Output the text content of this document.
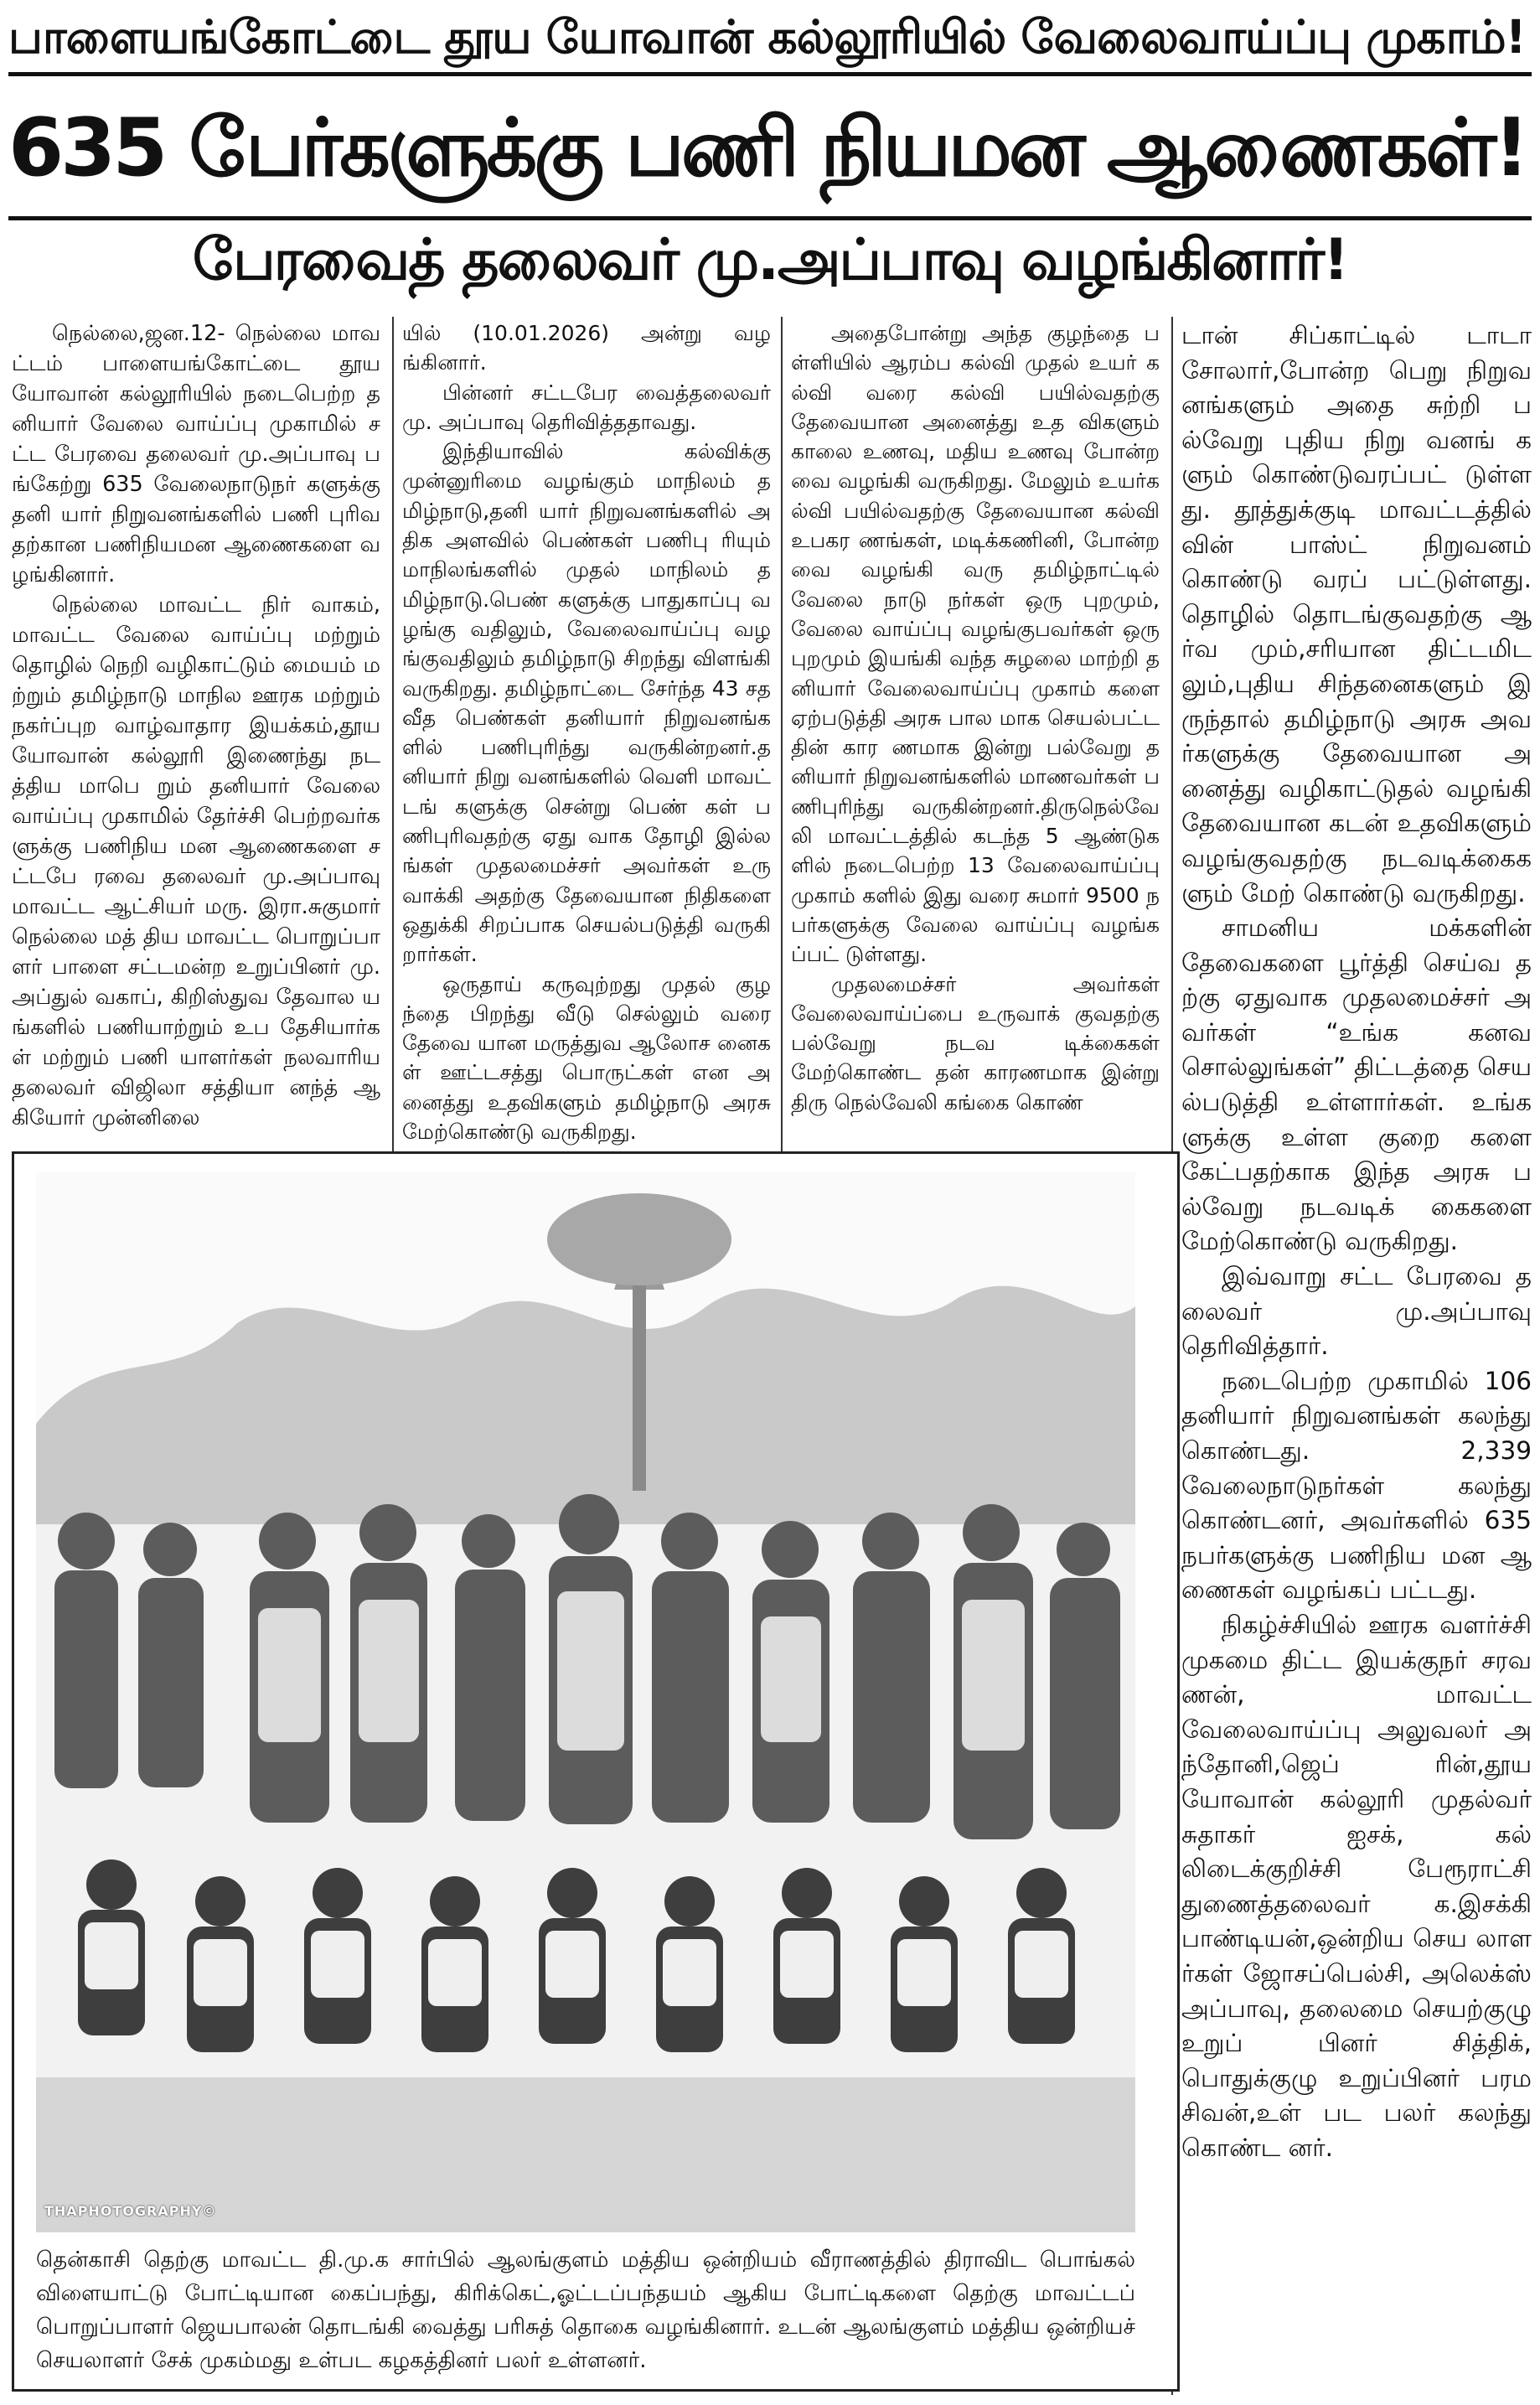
பாளையங்கோட்டை தூய யோவான் கல்லூரியில் வேலைவாய்ப்பு முகாம்!
635 பேர்களுக்கு பணி நியமன ஆணைகள்!
பேரவைத் தலைவர் மு.அப்பாவு வழங்கினார்!

நெல்லை,ஜன.12- நெல்லை மாவட்டம் பாளையங்கோட்டை தூய யோவான் கல்லூரியில் நடைபெற்ற தனியார் வேலை வாய்ப்பு முகாமில் சட்ட பேரவை தலைவர் மு.அப்பாவு பங்கேற்று 635 வேலைநாடுநர் களுக்கு தனி யார் நிறுவனங்களில் பணி புரிவதற்கான பணிநியமன ஆணைகளை வழங்கினார்.

நெல்லை மாவட்ட நிர் வாகம், மாவட்ட வேலை வாய்ப்பு மற்றும் தொழில் நெறி வழிகாட்டும் மையம் மற்றும் தமிழ்நாடு மாநில ஊரக மற்றும் நகர்ப்புற வாழ்வாதார இயக்கம்,தூய யோவான் கல்லூரி இணைந்து நடத்திய மாபெ றும் தனியார் வேலை வாய்ப்பு முகாமில் தேர்ச்சி பெற்றவர்களுக்கு பணிநிய மன ஆணைகளை சட்டபே ரவை தலைவர் மு.அப்பாவு மாவட்ட ஆட்சியர் மரு. இரா.சுகுமார் நெல்லை மத் திய மாவட்ட பொறுப்பா ளர் பாளை சட்டமன்ற உறுப்பினர் மு.அப்துல் வகாப், கிறிஸ்துவ தேவால யங்களில் பணியாற்றும் உப தேசியார்கள் மற்றும் பணி யாளர்கள் நலவாரிய தலைவர் விஜிலா சத்தியா னந்த் ஆகியோர் முன்னிலை

யில் (10.01.2026) அன்று வழங்கினார்.

பின்னர் சட்டபேர வைத்தலைவர் மு. அப்பாவு தெரிவித்ததாவது.

இந்தியாவில் கல்விக்கு முன்னுரிமை வழங்கும் மாநிலம் தமிழ்நாடு,தனி யார் நிறுவனங்களில் அதிக அளவில் பெண்கள் பணிபு ரியும் மாநிலங்களில் முதல் மாநிலம் தமிழ்நாடு.பெண் களுக்கு பாதுகாப்பு வழங்கு வதிலும், வேலைவாய்ப்பு வழங்குவதிலும் தமிழ்நாடு சிறந்து விளங்கி வருகிறது. தமிழ்நாட்டை சேர்ந்த 43 சதவீத பெண்கள் தனியார் நிறுவனங்களில் பணிபுரிந்து வருகின்றனர்.தனியார் நிறு வனங்களில் வெளி மாவட் டங் களுக்கு சென்று பெண் கள் பணிபுரிவதற்கு ஏது வாக தோழி இல்லங்கள் முதலமைச்சர் அவர்கள் உரு வாக்கி அதற்கு தேவையான நிதிகளை ஒதுக்கி சிறப்பாக செயல்படுத்தி வருகி றார்கள்.

ஒருதாய் கருவுற்றது முதல் குழந்தை பிறந்து வீடு செல்லும் வரை தேவை யான மருத்துவ ஆலோச னைகள் ஊட்டசத்து பொருட்கள் என அனைத்து உதவிகளும் தமிழ்நாடு அரசு மேற்கொண்டு வருகிறது.

அதைபோன்று அந்த குழந்தை பள்ளியில் ஆரம்ப கல்வி முதல் உயர் கல்வி வரை கல்வி பயில்வதற்கு தேவையான அனைத்து உத விகளும் காலை உணவு, மதிய உணவு போன்றவை வழங்கி வருகிறது. மேலும் உயர்கல்வி பயில்வதற்கு தேவையான கல்வி உபகர ணங்கள், மடிக்கணினி, போன்றவை வழங்கி வரு தமிழ்நாட்டில் வேலை நாடு நர்கள் ஒரு புறமும், வேலை வாய்ப்பு வழங்குபவர்கள் ஒரு புறமும் இயங்கி வந்த சுழலை மாற்றி தனியார் வேலைவாய்ப்பு முகாம் களை ஏற்படுத்தி அரசு பால மாக செயல்பட்டதின் கார ணமாக இன்று பல்வேறு தனியார் நிறுவனங்களில் மாணவர்கள் பணிபுரிந்து வருகின்றனர்.திருநெல்வே லி மாவட்டத்தில் கடந்த 5 ஆண்டுகளில் நடைபெற்ற 13 வேலைவாய்ப்பு முகாம் களில் இது வரை சுமார் 9500 நபர்களுக்கு வேலை வாய்ப்பு வழங்கப்பட் டுள்ளது.

முதலமைச்சர் அவர்கள் வேலைவாய்ப்பை உருவாக் குவதற்கு பல்வேறு நடவ டிக்கைகள் மேற்கொண்ட தன் காரணமாக இன்று திரு நெல்வேலி கங்கை கொண்

டான் சிப்காட்டில் டாடா சோலார்,போன்ற பெறு நிறுவனங்களும் அதை சுற்றி பல்வேறு புதிய நிறு வனங் களும் கொண்டுவரப்பட் டுள்ளது. தூத்துக்குடி மாவட்டத்தில் வின் பாஸ்ட் நிறுவனம் கொண்டு வரப் பட்டுள்ளது. தொழில் தொடங்குவதற்கு ஆர்வ மும்,சரியான திட்டமிட லும்,புதிய சிந்தனைகளும் இருந்தால் தமிழ்நாடு அரசு அவர்களுக்கு தேவையான அனைத்து வழிகாட்டுதல் வழங்கி தேவையான கடன் உதவிகளும் வழங்குவதற்கு நடவடிக்கைகளும் மேற் கொண்டு வருகிறது.

சாமனிய மக்களின் தேவைகளை பூர்த்தி செய்வ தற்கு ஏதுவாக முதலமைச்சர் அவர்கள் “உங்க கனவ சொல்லுங்கள்” திட்டத்தை செயல்படுத்தி உள்ளார்கள். உங்களுக்கு உள்ள குறை களை கேட்பதற்காக இந்த அரசு பல்வேறு நடவடிக் கைகளை மேற்கொண்டு வருகிறது.

இவ்வாறு சட்ட பேரவை தலைவர் மு.அப்பாவு தெரிவித்தார்.

நடைபெற்ற முகாமில் 106 தனியார் நிறுவனங்கள் கலந்து கொண்டது. 2,339 வேலைநாடுநர்கள் கலந்து கொண்டனர், அவர்களில் 635 நபர்களுக்கு பணிநிய மன ஆணைகள் வழங்கப் பட்டது.

நிகழ்ச்சியில் ஊரக வளர்ச்சி முகமை திட்ட இயக்குநர் சரவணன், மாவட்ட வேலைவாய்ப்பு அலுவலர் அந்தோனி,ஜெப் ரின்,தூய யோவான் கல்லூரி முதல்வர் சுதாகர் ஐசக், கல் லிடைக்குறிச்சி பேரூராட்சி துணைத்தலைவர் க.இசக்கி பாண்டியன்,ஒன்றிய செய லாளர்கள் ஜோசப்பெல்சி, அலெக்ஸ் அப்பாவு, தலைமை செயற்குழு உறுப் பினர் சித்திக், பொதுக்குழு உறுப்பினர் பரமசிவன்,உள் பட பலர் கலந்து கொண்ட னர்.

THAPHOTOGRAPHY©
தென்காசி தெற்கு மாவட்ட தி.மு.க சார்பில் ஆலங்குளம் மத்திய ஒன்றியம் வீராணத்தில் திராவிட பொங்கல் விளையாட்டு போட்டியான கைப்பந்து, கிரிக்கெட்,ஓட்டப்பந்தயம் ஆகிய போட்டிகளை தெற்கு மாவட்டப் பொறுப்பாளர் ஜெயபாலன் தொடங்கி வைத்து பரிசுத் தொகை வழங்கினார். உடன் ஆலங்குளம் மத்திய ஒன்றியச் செயலாளர் சேக் முகம்மது உள்பட கழகத்தினர் பலர் உள்ளனர்.
